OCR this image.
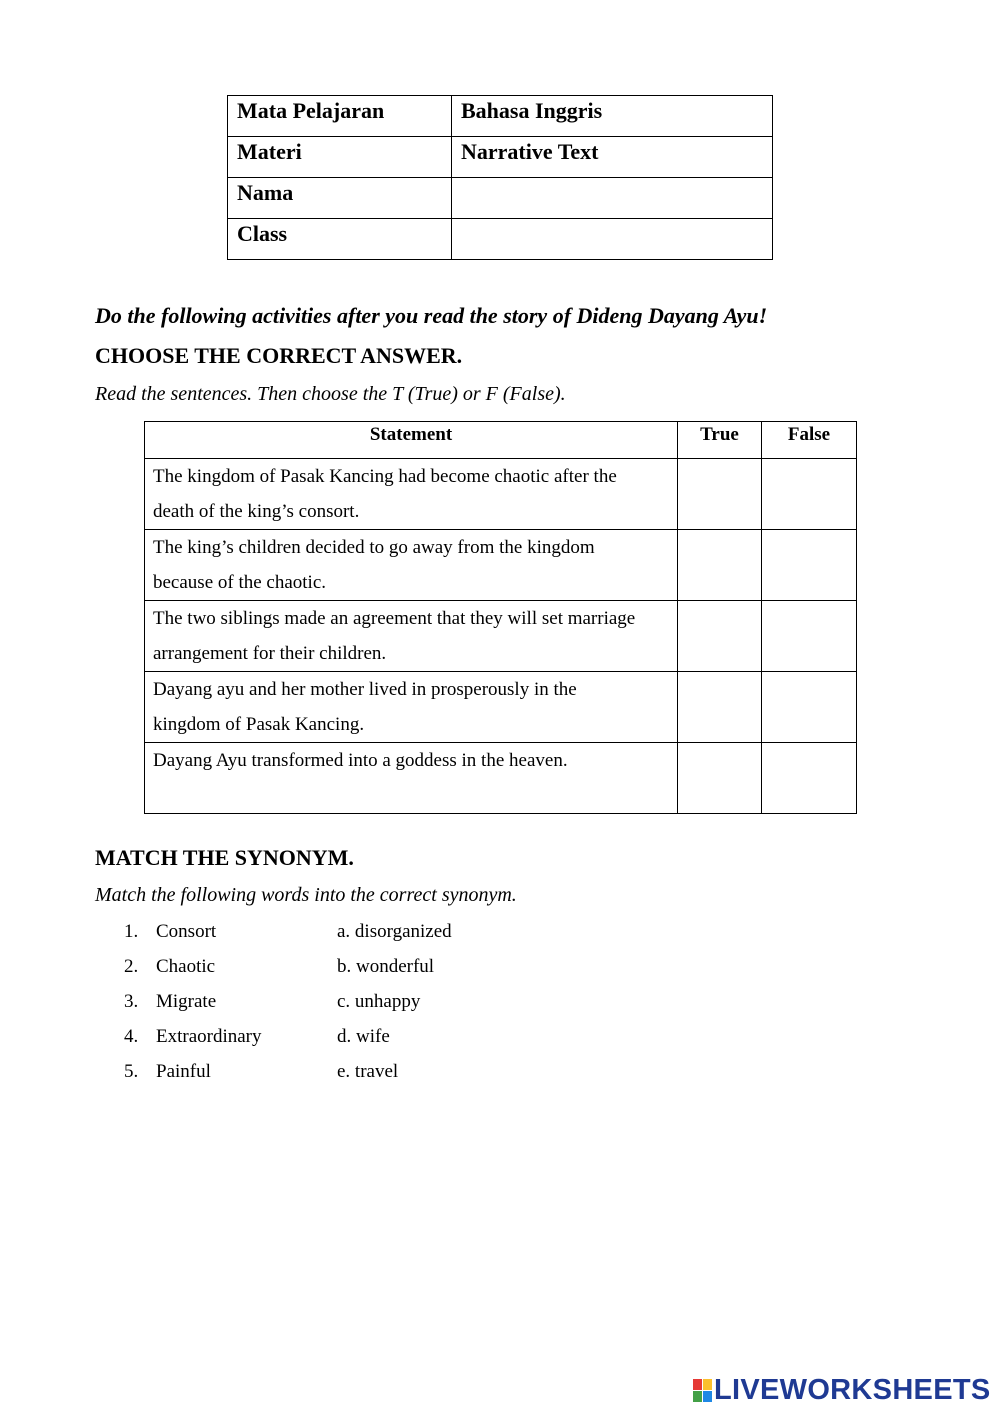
Mata Pelajaran	Bahasa Inggris
Materi	Narrative Text
Nama	
Class	
Do the following activities after you read the story of Dideng Dayang Ayu!
CHOOSE THE CORRECT ANSWER.
Read the sentences. Then choose the T (True) or F (False).
Statement	True	False

The kingdom of Pasak Kancing had become chaotic after the
death of the king’s consort.		

The king’s children decided to go away from the kingdom
because of the chaotic.		

The two siblings made an agreement that they will set marriage
arrangement for their children.		

Dayang ayu and her mother lived in prosperously in the
kingdom of Pasak Kancing.		

Dayang Ayu transformed into a goddess in the heaven.		

MATCH THE SYNONYM.
Match the following words into the correct synonym.
1. Consort	a. disorganized
2. Chaotic	b. wonderful
3. Migrate	c. unhappy
4. Extraordinary	d. wife
5. Painful	e. travel
LIVEWORKSHEETS
